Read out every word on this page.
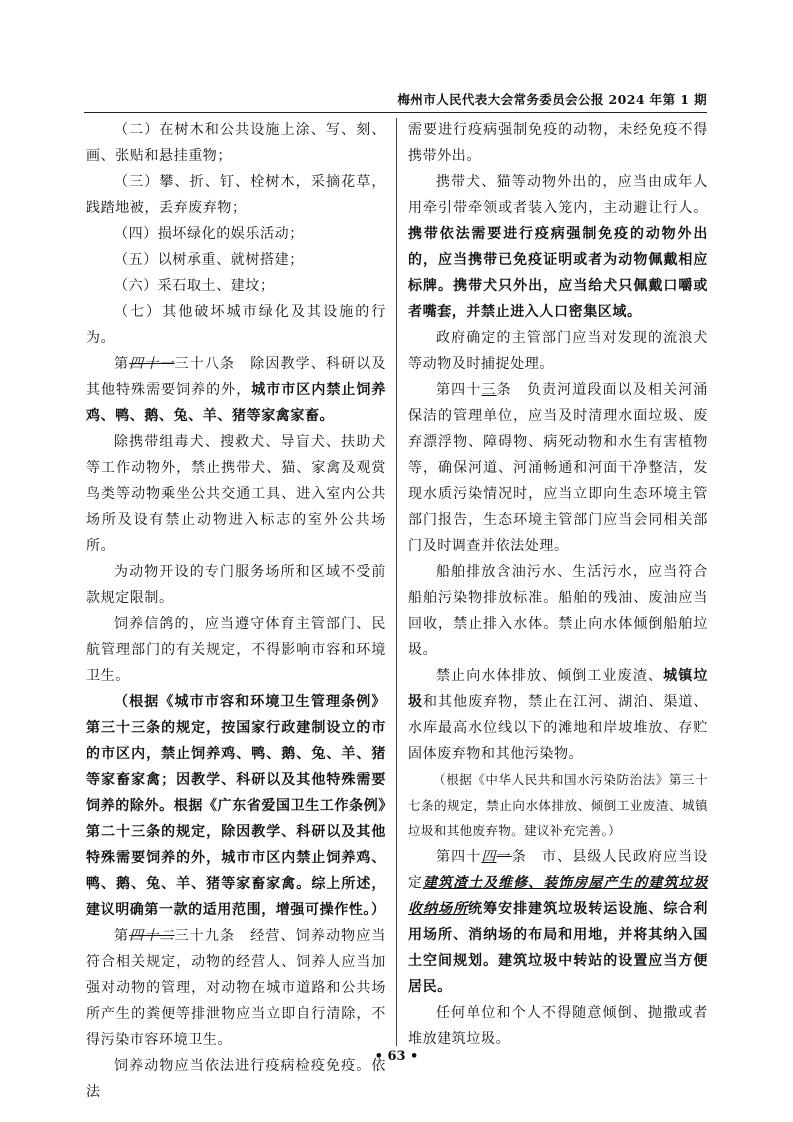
梅州市人民代表大会常务委员会公报 2024 年第 1 期

（二）在树木和公共设施上涂、写、刻、画、张贴和悬挂重物；

（三）攀、折、钉、栓树木，采摘花草，践踏地被，丢弃废弃物；

（四）损坏绿化的娱乐活动；

（五）以树承重、就树搭建；

（六）采石取土、建坟；

（七）其他破坏城市绿化及其设施的行为。

第四十一三十八条　除因教学、科研以及其他特殊需要饲养的外，城市市区内禁止饲养鸡、鸭、鹅、兔、羊、猪等家禽家畜。

除携带组毒犬、搜救犬、导盲犬、扶助犬等工作动物外，禁止携带犬、猫、家禽及观赏鸟类等动物乘坐公共交通工具、进入室内公共场所及设有禁止动物进入标志的室外公共场所。

为动物开设的专门服务场所和区域不受前款规定限制。

饲养信鸽的，应当遵守体育主管部门、民航管理部门的有关规定，不得影响市容和环境卫生。

（根据《城市市容和环境卫生管理条例》第三十三条的规定，按国家行政建制设立的市的市区内，禁止饲养鸡、鸭、鹅、兔、羊、猪等家畜家禽；因教学、科研以及其他特殊需要饲养的除外。根据《广东省爱国卫生工作条例》第二十三条的规定，除因教学、科研以及其他特殊需要饲养的外，城市市区内禁止饲养鸡、鸭、鹅、兔、羊、猪等家畜家禽。综上所述，建议明确第一款的适用范围，增强可操作性。）

第四十二三十九条　经营、饲养动物应当符合相关规定，动物的经营人、饲养人应当加强对动物的管理，对动物在城市道路和公共场所产生的粪便等排泄物应当立即自行清除，不得污染市容环境卫生。

饲养动物应当依法进行疫病检疫免疫。依法

需要进行疫病强制免疫的动物，未经免疫不得携带外出。

携带犬、猫等动物外出的，应当由成年人用牵引带牵领或者装入笼内，主动避让行人。携带依法需要进行疫病强制免疫的动物外出的，应当携带已免疫证明或者为动物佩戴相应标牌。携带犬只外出，应当给犬只佩戴口嚼或者嘴套，并禁止进入人口密集区域。

政府确定的主管部门应当对发现的流浪犬等动物及时捕捉处理。

第四十三条　负责河道段面以及相关河涌保洁的管理单位，应当及时清理水面垃圾、废弃漂浮物、障碍物、病死动物和水生有害植物等，确保河道、河涌畅通和河面干净整洁，发现水质污染情况时，应当立即向生态环境主管部门报告，生态环境主管部门应当会同相关部门及时调查并依法处理。

船舶排放含油污水、生活污水，应当符合船舶污染物排放标准。船舶的残油、废油应当回收，禁止排入水体。禁止向水体倾倒船舶垃圾。

禁止向水体排放、倾倒工业废渣、城镇垃圾和其他废弃物，禁止在江河、湖泊、渠道、水库最高水位线以下的滩地和岸坡堆放、存贮固体废弃物和其他污染物。

（根据《中华人民共和国水污染防治法》第三十七条的规定，禁止向水体排放、倾倒工业废渣、城镇垃圾和其他废弃物。建议补充完善。）

第四十四一条　市、县级人民政府应当设定建筑渣土及维修、装饰房屋产生的建筑垃圾收纳场所统筹安排建筑垃圾转运设施、综合利用场所、消纳场的布局和用地，并将其纳入国土空间规划。建筑垃圾中转站的设置应当方便居民。

任何单位和个人不得随意倾倒、抛撒或者堆放建筑垃圾。

• 63 •
